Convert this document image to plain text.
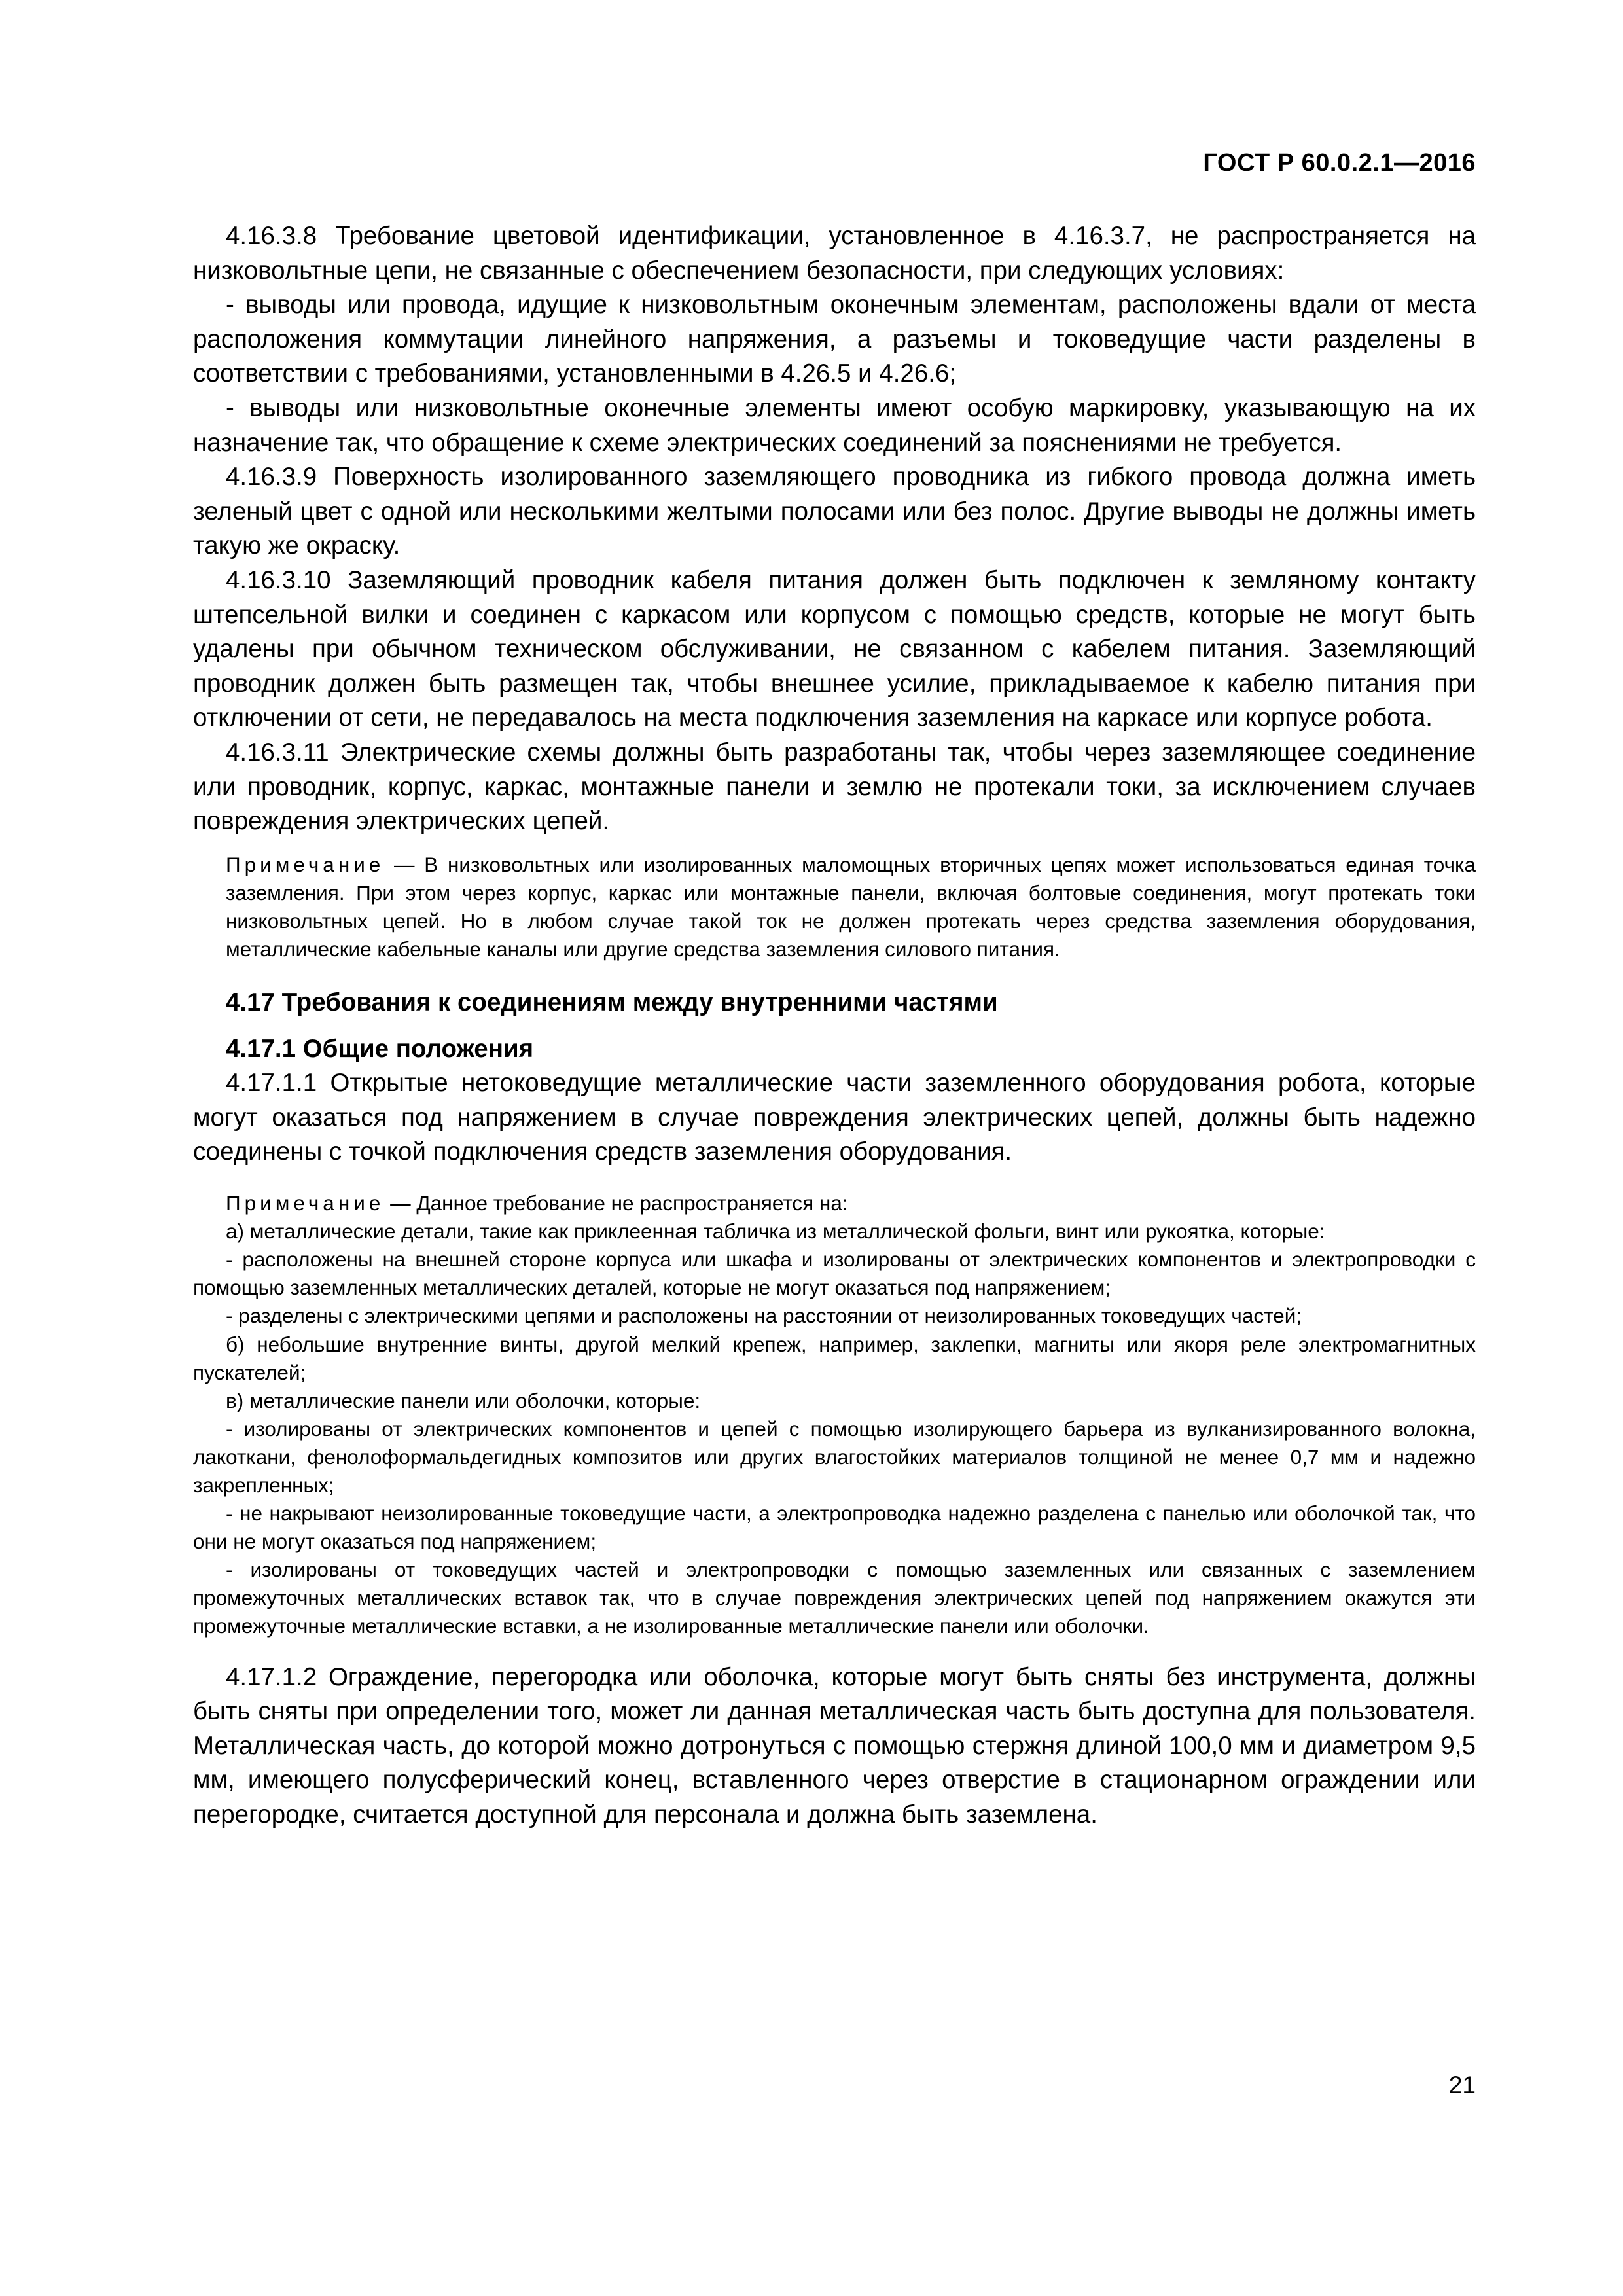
ГОСТ Р 60.0.2.1—2016

4.16.3.8 Требование цветовой идентификации, установленное в 4.16.3.7, не распространяется на низковольтные цепи, не связанные с обеспечением безопасности, при следующих условиях:

- выводы или провода, идущие к низковольтным оконечным элементам, расположены вдали от места расположения коммутации линейного напряжения, а разъемы и токоведущие части разделены в соответствии с требованиями, установленными в 4.26.5 и 4.26.6;

- выводы или низковольтные оконечные элементы имеют особую маркировку, указывающую на их назначение так, что обращение к схеме электрических соединений за пояснениями не требуется.

4.16.3.9 Поверхность изолированного заземляющего проводника из гибкого провода должна иметь зеленый цвет с одной или несколькими желтыми полосами или без полос. Другие выводы не должны иметь такую же окраску.

4.16.3.10 Заземляющий проводник кабеля питания должен быть подключен к земляному контакту штепсельной вилки и соединен с каркасом или корпусом с помощью средств, которые не могут быть удалены при обычном техническом обслуживании, не связанном с кабелем питания. Заземляющий проводник должен быть размещен так, чтобы внешнее усилие, прикладываемое к кабелю питания при отключении от сети, не передавалось на места подключения заземления на каркасе или корпусе робота.

4.16.3.11 Электрические схемы должны быть разработаны так, чтобы через заземляющее соединение или проводник, корпус, каркас, монтажные панели и землю не протекали токи, за исключением случаев повреждения электрических цепей.

Примечание — В низковольтных или изолированных маломощных вторичных цепях может использоваться единая точка заземления. При этом через корпус, каркас или монтажные панели, включая болтовые соединения, могут протекать токи низковольтных цепей. Но в любом случае такой ток не должен протекать через средства заземления оборудования, металлические кабельные каналы или другие средства заземления силового питания.

4.17 Требования к соединениям между внутренними частями

4.17.1 Общие положения

4.17.1.1 Открытые нетоковедущие металлические части заземленного оборудования робота, которые могут оказаться под напряжением в случае повреждения электрических цепей, должны быть надежно соединены с точкой подключения средств заземления оборудования.

Примечание — Данное требование не распространяется на:

а) металлические детали, такие как приклеенная табличка из металлической фольги, винт или рукоятка, которые:

- расположены на внешней стороне корпуса или шкафа и изолированы от электрических компонентов и электропроводки с помощью заземленных металлических деталей, которые не могут оказаться под напряжением;

- разделены с электрическими цепями и расположены на расстоянии от неизолированных токоведущих частей;

б) небольшие внутренние винты, другой мелкий крепеж, например, заклепки, магниты или якоря реле электромагнитных пускателей;

в) металлические панели или оболочки, которые:

- изолированы от электрических компонентов и цепей с помощью изолирующего барьера из вулканизированного волокна, лакоткани, фенолоформальдегидных композитов или других влагостойких материалов толщиной не менее 0,7 мм и надежно закрепленных;

- не накрывают неизолированные токоведущие части, а электропроводка надежно разделена с панелью или оболочкой так, что они не могут оказаться под напряжением;

- изолированы от токоведущих частей и электропроводки с помощью заземленных или связанных с заземлением промежуточных металлических вставок так, что в случае повреждения электрических цепей под напряжением окажутся эти промежуточные металлические вставки, а не изолированные металлические панели или оболочки.

4.17.1.2 Ограждение, перегородка или оболочка, которые могут быть сняты без инструмента, должны быть сняты при определении того, может ли данная металлическая часть быть доступна для пользователя. Металлическая часть, до которой можно дотронуться с помощью стержня длиной 100,0 мм и диаметром 9,5 мм, имеющего полусферический конец, вставленного через отверстие в стационарном ограждении или перегородке, считается доступной для персонала и должна быть заземлена.

21
